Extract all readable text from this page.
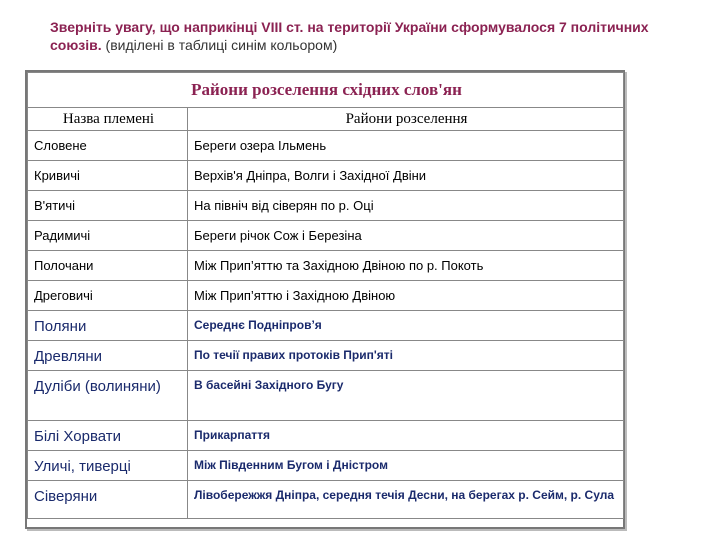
Зверніть увагу, що наприкінці VIII ст. на території України сформувалося 7 політичних союзів. (виділені в таблиці синім кольором)
Райони розселення східних слов'ян	
Назва племені	Райони розселення
Словене	Береги озера Ільмень
Кривичі	Верхів'я Дніпра, Волги і Західної Двіни
В'ятичі	На північ від сіверян по р. Оці
Радимичі	Береги річок Сож і Березіна
Полочани	Між Прип’яттю та Західною Двіною по р. Покоть
Дреговичі	Між Прип’яттю і Західною Двіною
Поляни	Середнє Подніпров’я
Древляни	По течії правих протоків Прип'яті
Дуліби (волиняни)	В басейні Західного Бугу
Білі Хорвати	Прикарпаття
Уличі, тиверці	Між Південним Бугом і Дністром
Сіверяни	Лівобережжя Дніпра, середня течія Десни, на берегах р. Сейм, р. Сула
